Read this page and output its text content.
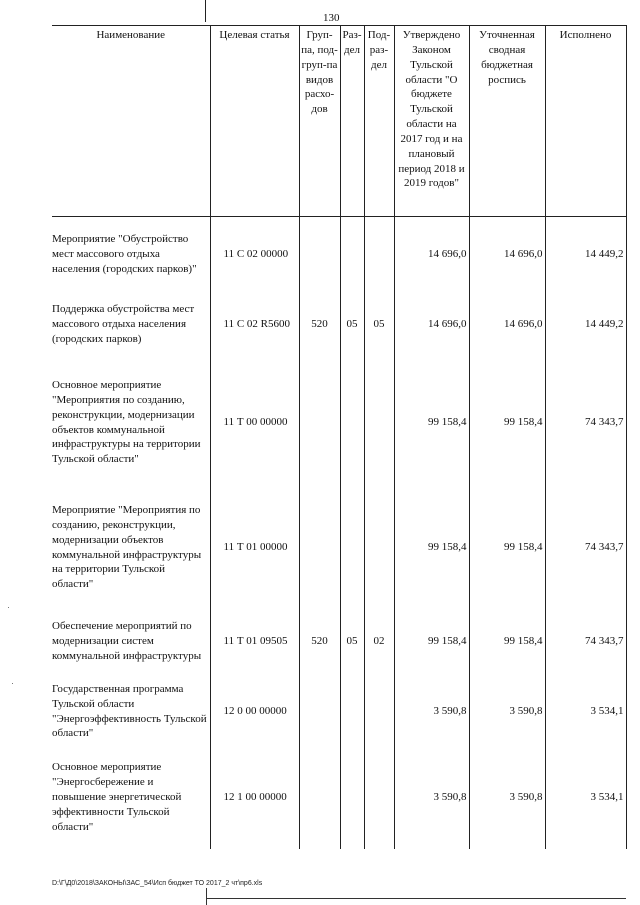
130
Наименование	Целевая статья	Груп-па, под-груп-па видов расхо-дов	Раз-дел	Под-раз-дел	Утверждено Законом Тульской области "О бюджете Тульской области на 2017 год и на плановый период 2018 и 2019 годов"	Уточненная сводная бюджетная роспись	Исполнено
Мероприятие "Обустройство мест массового отдыха населения (городских парков)"	11 С 02 00000				14 696,0	14 696,0	14 449,2
Поддержка обустройства мест массового отдыха населения (городских парков)	11 С 02 R5600	520	05	05	14 696,0	14 696,0	14 449,2
Основное мероприятие "Мероприятия по созданию, реконструкции, модернизации объектов коммунальной инфраструктуры на территории Тульской области"	11 Т 00 00000				99 158,4	99 158,4	74 343,7
Мероприятие "Мероприятия по созданию, реконструкции, модернизации объектов коммунальной инфраструктуры на территории Тульской области"	11 Т 01 00000				99 158,4	99 158,4	74 343,7
Обеспечение мероприятий по модернизации систем коммунальной инфраструктуры	11 Т 01 09505	520	05	02	99 158,4	99 158,4	74 343,7
Государственная программа Тульской области "Энергоэффективность Тульской области"	12 0 00 00000				3 590,8	3 590,8	3 534,1
Основное мероприятие "Энергосбережение и повышение энергетической эффективности Тульской области"	12 1 00 00000				3 590,8	3 590,8	3 534,1
D:\Г\Д0\2018\ЗАКОНЫ\ЗАС_54\Исп бюджет ТО 2017_2 чт\пр6.xls
